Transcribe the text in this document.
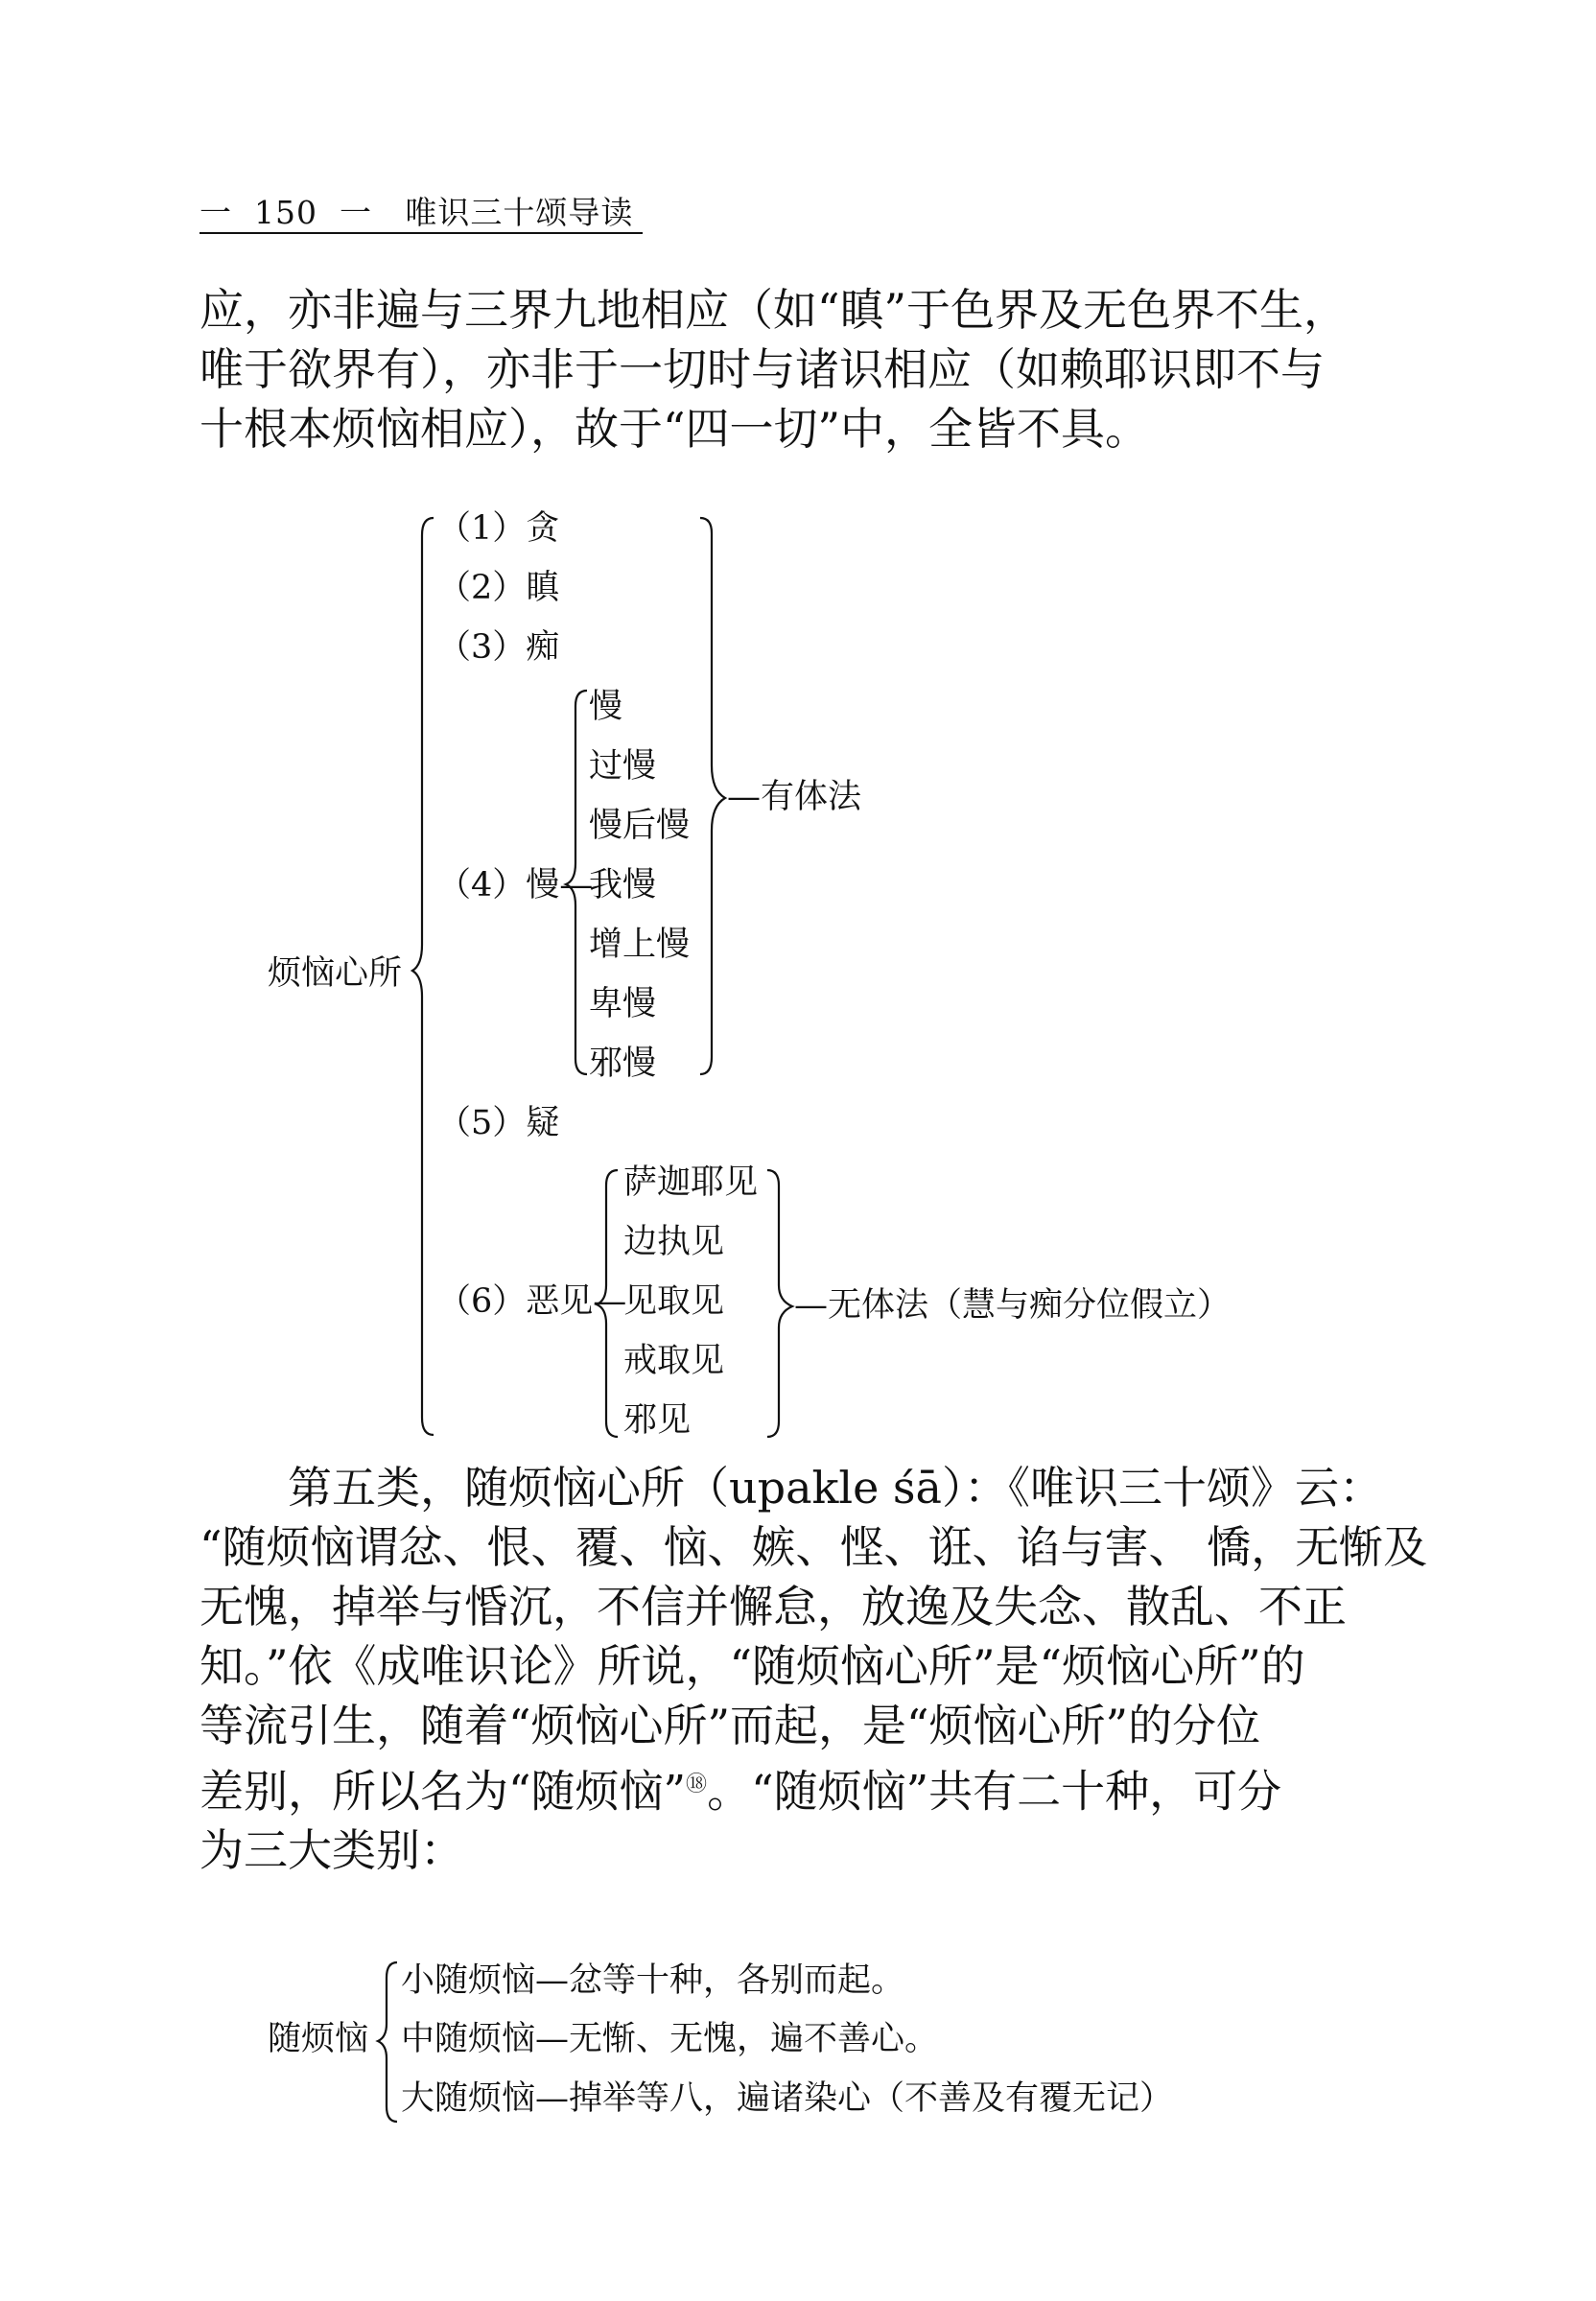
一  150  一   唯识三十颂导读

应，亦非遍与三界九地相应（如“瞋”于色界及无色界不生，

唯于欲界有），亦非于一切时与诸识相应（如赖耶识即不与

十根本烦恼相应），故于“四一切”中，全皆不具。

烦恼心所
（1）贪
（2）瞋
（3）痴
（4）慢—
（5）疑
（6）恶见—
慢
过慢
慢后慢
我慢
增上慢
卑慢
邪慢
萨迦耶见
边执见
见取见
戒取见
邪见
—有体法
—无体法（慧与痴分位假立）

第五类，随烦恼心所（upakle śā）：《唯识三十颂》云：

“随烦恼谓忿、恨、覆、恼、嫉、悭、诳、谄与害、 憍，无惭及

无愧，掉举与惛沉，不信并懈怠，放逸及失念、散乱、不正

知。”依《成唯识论》所说，“随烦恼心所”是“烦恼心所”的

等流引生，随着“烦恼心所”而起，是“烦恼心所”的分位

差别，所以名为“随烦恼”⑱。“随烦恼”共有二十种，可分

为三大类别：

随烦恼
小随烦恼—忿等十种，各别而起。
中随烦恼—无惭、无愧，遍不善心。
大随烦恼—掉举等八，遍诸染心（不善及有覆无记）
